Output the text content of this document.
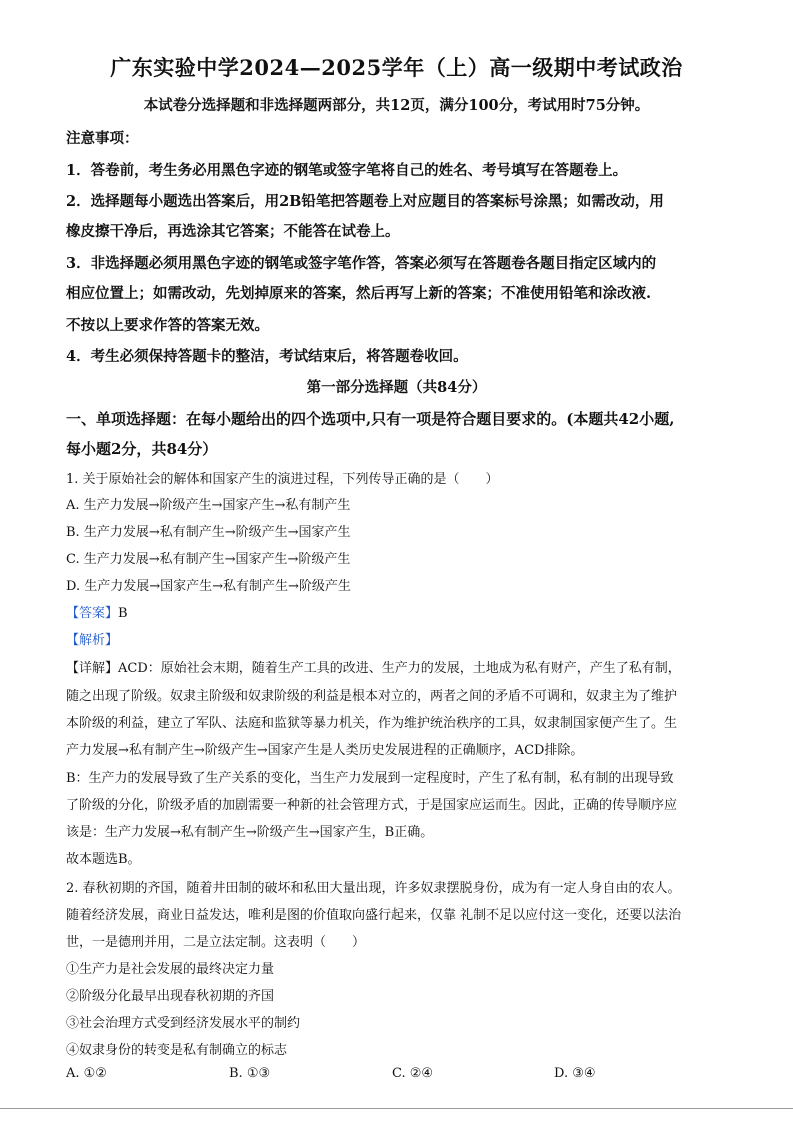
广东实验中学2024—2025学年（上）高一级期中考试政治
本试卷分选择题和非选择题两部分，共12页，满分100分，考试用时75分钟。
注意事项：
1．答卷前，考生务必用黑色字迹的钢笔或签字笔将自己的姓名、考号填写在答题卷上。
2．选择题每小题选出答案后，用2B铅笔把答题卷上对应题目的答案标号涂黑；如需改动，用
橡皮擦干净后，再选涂其它答案；不能答在试卷上。
3．非选择题必须用黑色字迹的钢笔或签字笔作答，答案必须写在答题卷各题目指定区域内的
相应位置上；如需改动，先划掉原来的答案，然后再写上新的答案；不准使用铅笔和涂改液.
不按以上要求作答的答案无效。
4．考生必须保持答题卡的整洁，考试结束后，将答题卷收回。
第一部分选择题（共84分）
一、单项选择题：在每小题给出的四个选项中,只有一项是符合题目要求的。(本题共42小题,
每小题2分，共84分）
1. 关于原始社会的解体和国家产生的演进过程，下列传导正确的是（　　）
A. 生产力发展→阶级产生→国家产生→私有制产生
B. 生产力发展→私有制产生→阶级产生→国家产生
C. 生产力发展→私有制产生→国家产生→阶级产生
D. 生产力发展→国家产生→私有制产生→阶级产生
【答案】B
【解析】
【详解】ACD：原始社会末期，随着生产工具的改进、生产力的发展，土地成为私有财产，产生了私有制，
随之出现了阶级。奴隶主阶级和奴隶阶级的利益是根本对立的，两者之间的矛盾不可调和，奴隶主为了维护
本阶级的利益，建立了军队、法庭和监狱等暴力机关，作为维护统治秩序的工具，奴隶制国家便产生了。生
产力发展→私有制产生→阶级产生→国家产生是人类历史发展进程的正确顺序，ACD排除。
B：生产力的发展导致了生产关系的变化，当生产力发展到一定程度时，产生了私有制，私有制的出现导致
了阶级的分化，阶级矛盾的加剧需要一种新的社会管理方式，于是国家应运而生。因此，正确的传导顺序应
该是：生产力发展→私有制产生→阶级产生→国家产生，B正确。
故本题选B。
2. 春秋初期的齐国，随着井田制的破坏和私田大量出现，许多奴隶摆脱身份，成为有一定人身自由的农人。
随着经济发展，商业日益发达，唯利是图的价值取向盛行起来，仅靠 礼制不足以应付这一变化，还要以法治
世，一是德刑并用，二是立法定制。这表明（　　）
①生产力是社会发展的最终决定力量
②阶级分化最早出现春秋初期的齐国
③社会治理方式受到经济发展水平的制约
④奴隶身份的转变是私有制确立的标志
A. ①②	B. ①③	C. ②④	D. ③④
